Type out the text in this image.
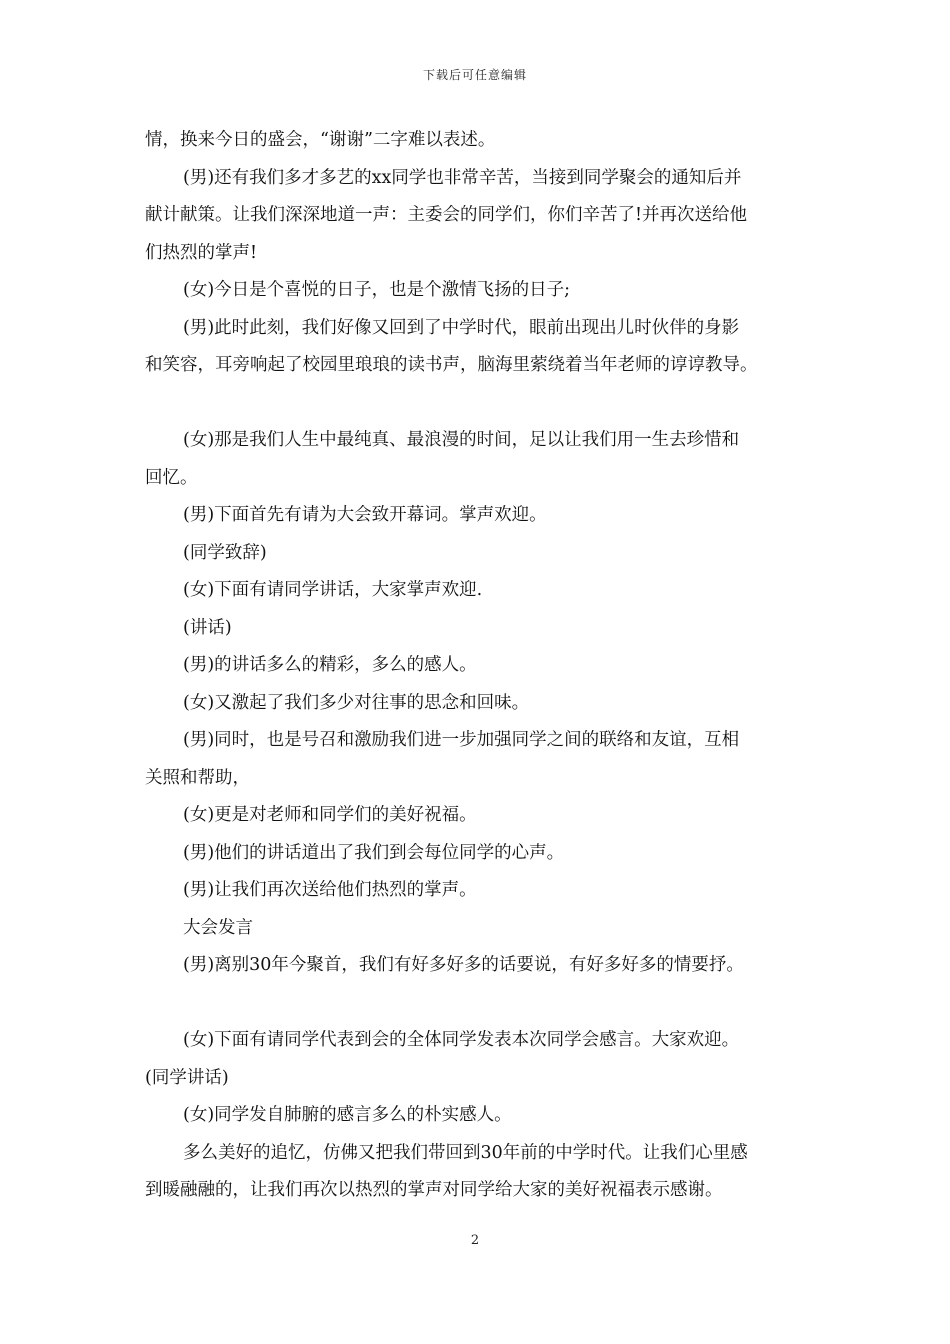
下载后可任意编辑
情，换来今日的盛会，“谢谢”二字难以表述。
(男)还有我们多才多艺的xx同学也非常辛苦，当接到同学聚会的通知后并
献计献策。让我们深深地道一声：主委会的同学们，你们辛苦了!并再次送给他
们热烈的掌声!
(女)今日是个喜悦的日子，也是个激情飞扬的日子;
(男)此时此刻，我们好像又回到了中学时代，眼前出现出儿时伙伴的身影
和笑容，耳旁响起了校园里琅琅的读书声，脑海里萦绕着当年老师的谆谆教导。
(女)那是我们人生中最纯真、最浪漫的时间，足以让我们用一生去珍惜和
回忆。
(男)下面首先有请为大会致开幕词。掌声欢迎。
(同学致辞)
(女)下面有请同学讲话，大家掌声欢迎.
(讲话)
(男)的讲话多么的精彩，多么的感人。
(女)又激起了我们多少对往事的思念和回味。
(男)同时，也是号召和激励我们进一步加强同学之间的联络和友谊，互相
关照和帮助，
(女)更是对老师和同学们的美好祝福。
(男)他们的讲话道出了我们到会每位同学的心声。
(男)让我们再次送给他们热烈的掌声。
大会发言
(男)离别30年今聚首，我们有好多好多的话要说，有好多好多的情要抒。
(女)下面有请同学代表到会的全体同学发表本次同学会感言。大家欢迎。
(同学讲话)
(女)同学发自肺腑的感言多么的朴实感人。
多么美好的追忆，仿佛又把我们带回到30年前的中学时代。让我们心里感
到暖融融的，让我们再次以热烈的掌声对同学给大家的美好祝福表示感谢。
2
